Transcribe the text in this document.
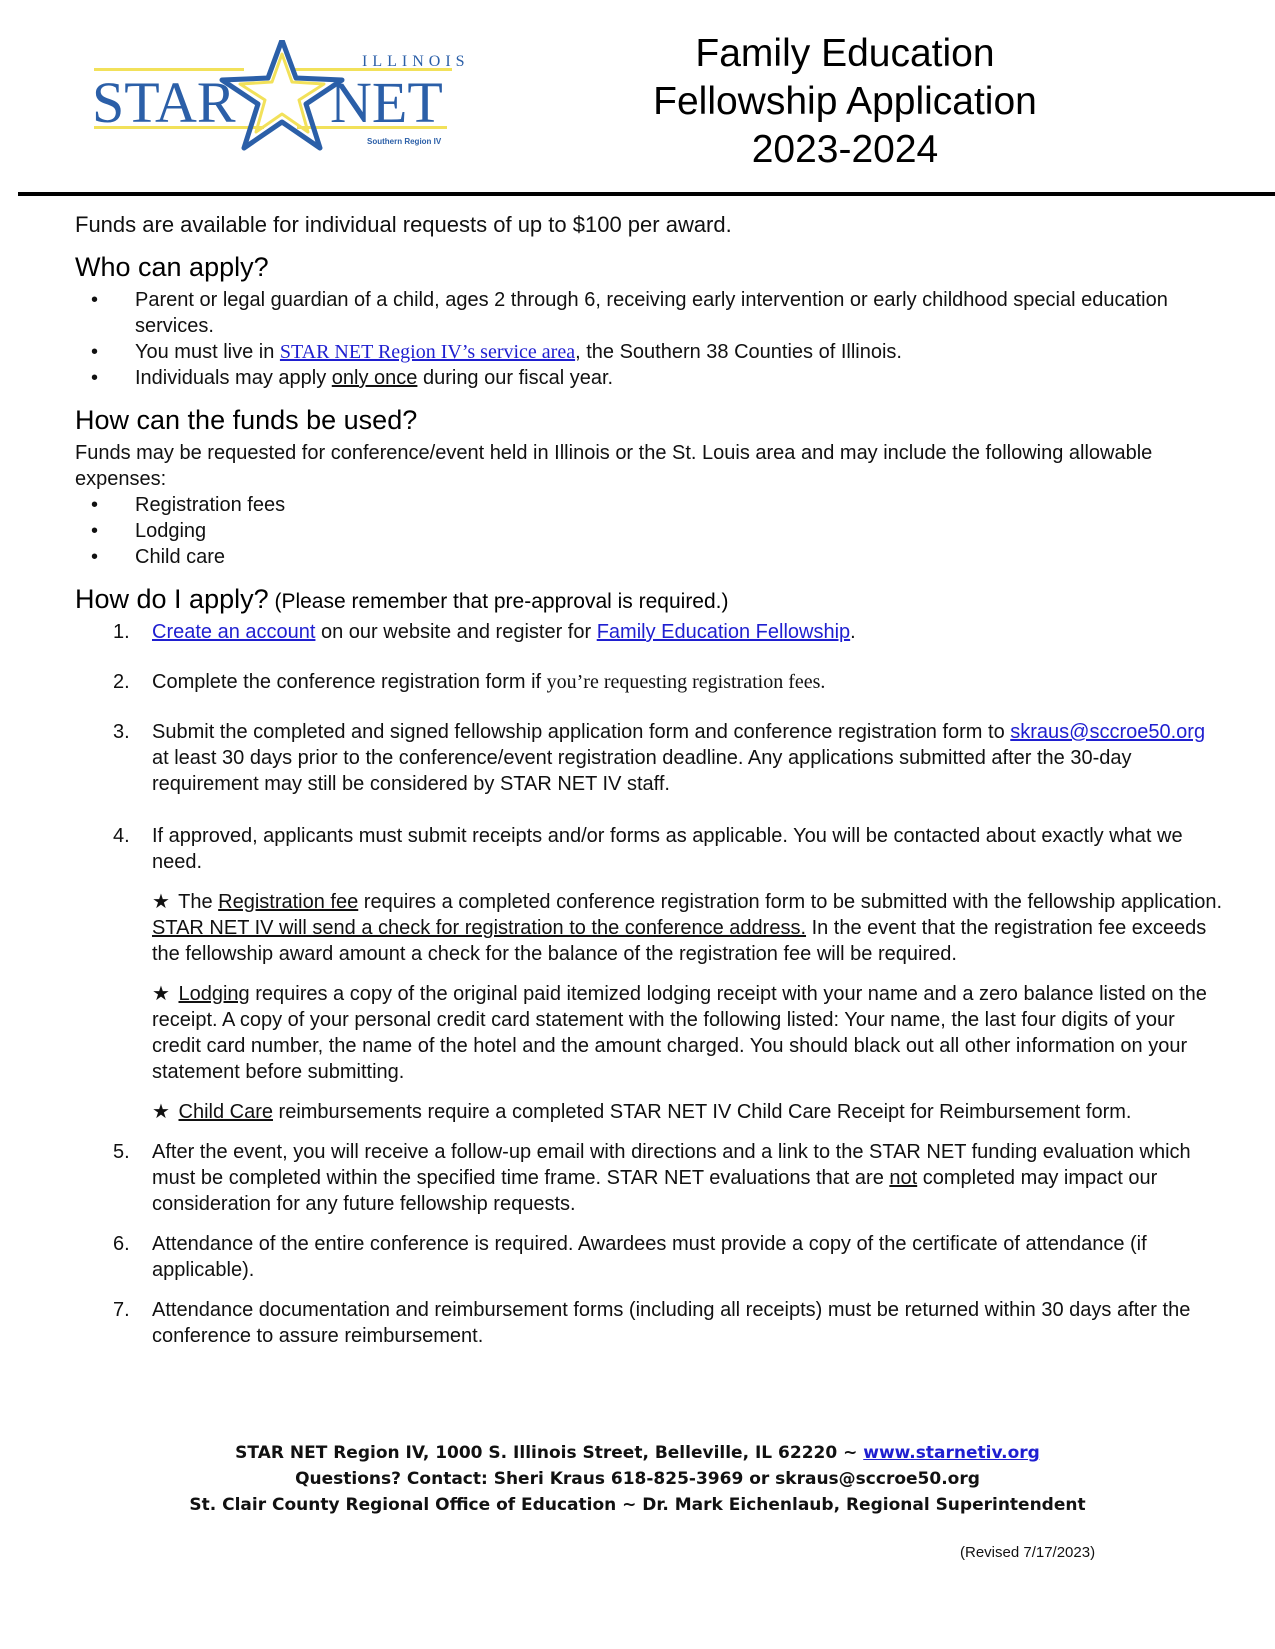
ILLINOIS
STAR NET
Southern Region IV
Family Education
Fellowship Application
2023-2024

Funds are available for individual requests of up to $100 per award.

Who can apply?
• Parent or legal guardian of a child, ages 2 through 6, receiving early intervention or early childhood special education services.
• You must live in STAR NET Region IV’s service area, the Southern 38 Counties of Illinois.
• Individuals may apply only once during our fiscal year.
How can the funds be used?

Funds may be requested for conference/event held in Illinois or the St. Louis area and may include the following allowable expenses:

• Registration fees
• Lodging
• Child care
How do I apply? (Please remember that pre-approval is required.)
1. Create an account on our website and register for Family Education Fellowship.
2. Complete the conference registration form if you’re requesting registration fees.
3. Submit the completed and signed fellowship application form and conference registration form to skraus@sccroe50.org at least 30 days prior to the conference/event registration deadline. Any applications submitted after the 30-day requirement may still be considered by STAR NET IV staff.
4. If approved, applicants must submit receipts and/or forms as applicable. You will be contacted about exactly what we need.

★ The Registration fee requires a completed conference registration form to be submitted with the fellowship application. STAR NET IV will send a check for registration to the conference address. In the event that the registration fee exceeds the fellowship award amount a check for the balance of the registration fee will be required.

★ Lodging requires a copy of the original paid itemized lodging receipt with your name and a zero balance listed on the receipt. A copy of your personal credit card statement with the following listed: Your name, the last four digits of your credit card number, the name of the hotel and the amount charged. You should black out all other information on your statement before submitting.

★ Child Care reimbursements require a completed STAR NET IV Child Care Receipt for Reimbursement form.

5. After the event, you will receive a follow-up email with directions and a link to the STAR NET funding evaluation which must be completed within the specified time frame. STAR NET evaluations that are not completed may impact our consideration for any future fellowship requests.
6. Attendance of the entire conference is required. Awardees must provide a copy of the certificate of attendance (if applicable).
7. Attendance documentation and reimbursement forms (including all receipts) must be returned within 30 days after the conference to assure reimbursement.
STAR NET Region IV, 1000 S. Illinois Street, Belleville, IL 62220 ~ www.starnetiv.org
Questions? Contact: Sheri Kraus 618-825-3969 or skraus@sccroe50.org
St. Clair County Regional Office of Education ~ Dr. Mark Eichenlaub, Regional Superintendent
(Revised 7/17/2023)
